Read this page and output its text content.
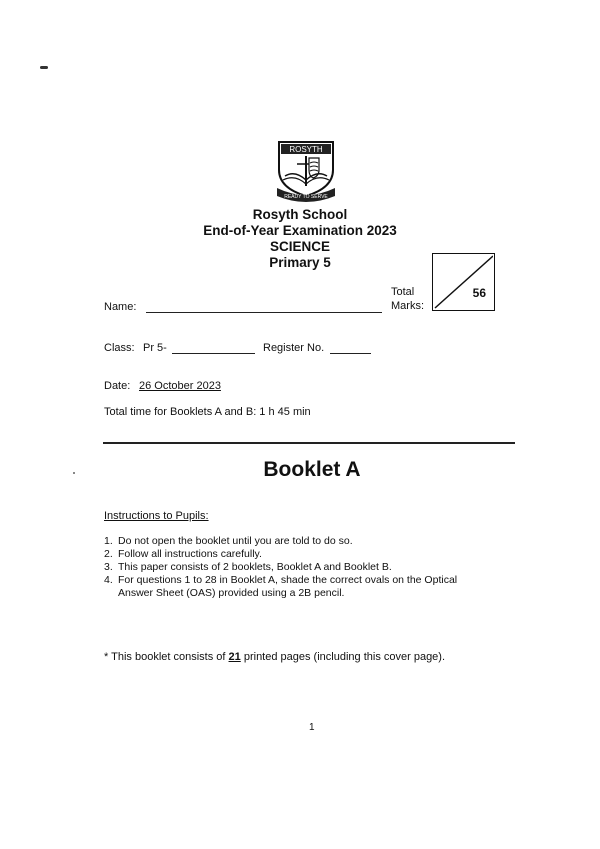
ROSYTH
READY TO SERVE
Rosyth School
End-of-Year Examination 2023
SCIENCE
Primary 5
Total
Marks:
56
Name:
Class: Pr 5-	Register No.
Date: 26 October 2023
Total time for Booklets A and B: 1 h 45 min
Booklet A
Instructions to Pupils:
1. Do not open the booklet until you are told to do so.
2. Follow all instructions carefully.
3. This paper consists of 2 booklets, Booklet A and Booklet B.
4. For questions 1 to 28 in Booklet A, shade the correct ovals on the Optical
Answer Sheet (OAS) provided using a 2B pencil.
* This booklet consists of 21 printed pages (including this cover page).
1
